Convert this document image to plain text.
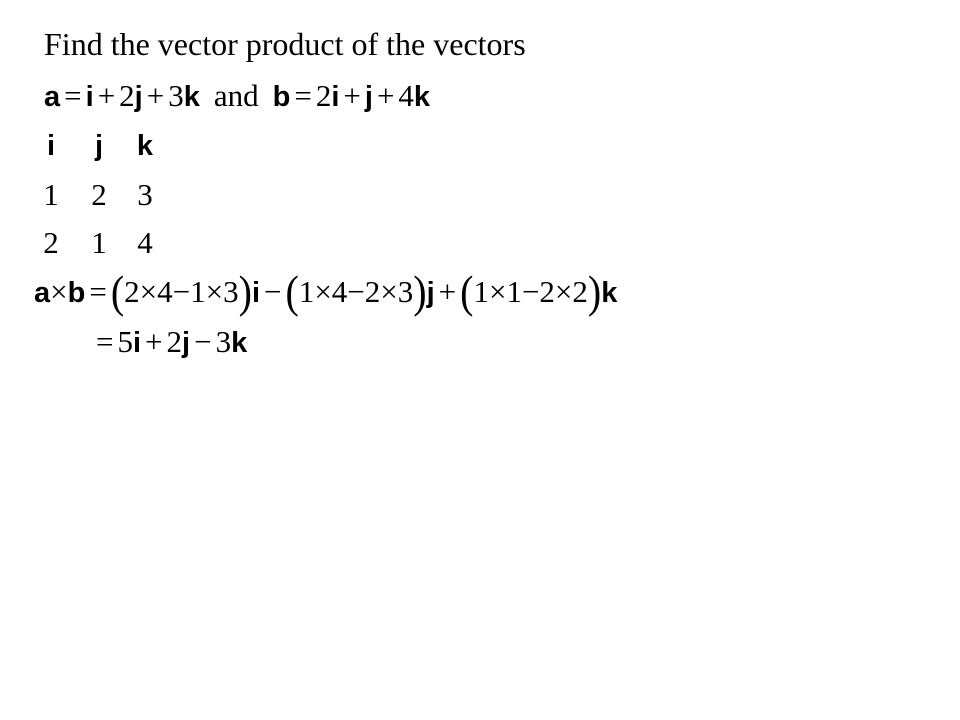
Find the vector product of the vectors
a = i + 2j + 3k and b = 2i + j + 4k
i	j	k
1 2 3
2 1 4
a×b = (2×4−1×3)i − (1×4−2×3)j + (1×1−2×2)k
= 5i + 2j − 3k
